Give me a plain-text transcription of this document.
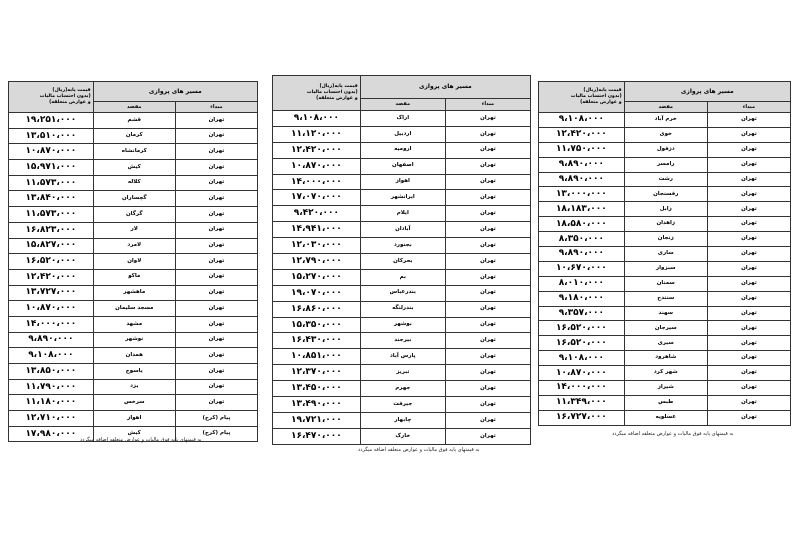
مسیر های پروازی		قیمت پایه(ریال)
(بدون احتساب مالیات
و عوارض متعلقه)

مبداء	مقصد	
تهران	قشم	۱۹،۲۵۱،۰۰۰
تهران	کرمان	۱۳،۵۱۰،۰۰۰
تهران	کرمانشاه	۱۰،۸۷۰،۰۰۰
تهران	کیش	۱۵،۹۷۱،۰۰۰
تهران	کلاله	۱۱،۵۷۳،۰۰۰
تهران	گچساران	۱۳،۸۴۰،۰۰۰
تهران	گرگان	۱۱،۵۷۳،۰۰۰
تهران	لار	۱۶،۸۲۳،۰۰۰
تهران	لامرد	۱۵،۸۲۷،۰۰۰
تهران	لاوان	۱۶،۵۲۰،۰۰۰
تهران	ماکو	۱۲،۴۲۰،۰۰۰
تهران	ماهشهر	۱۳،۷۲۷،۰۰۰
تهران	مسجد سلیمان	۱۰،۸۷۰،۰۰۰
تهران	مشهد	۱۴،۰۰۰،۰۰۰
تهران	نوشهر	۹،۸۹۰،۰۰۰
تهران	همدان	۹،۱۰۸،۰۰۰
تهران	یاسوج	۱۳،۸۵۰،۰۰۰
تهران	یزد	۱۱،۷۹۰،۰۰۰
تهران	سرخس	۱۱،۱۸۰،۰۰۰
پیام (کرج)	اهواز	۱۲،۷۱۰،۰۰۰
پیام (کرج)	کیش	۱۷،۹۸۰،۰۰۰
به قیمتهای پایه فوق مالیات و عوارض متعلقه اضافه میگردد
مسیر های پروازی		قیمت پایه(ریال)
(بدون احتساب مالیات
و عوارض متعلقه)

مبداء	مقصد	
تهران	اراک	۹،۱۰۸،۰۰۰
تهران	اردبیل	۱۱،۱۲۰،۰۰۰
تهران	ارومیه	۱۲،۴۲۰،۰۰۰
تهران	اصفهان	۱۰،۸۷۰،۰۰۰
تهران	اهواز	۱۴،۰۰۰،۰۰۰
تهران	ایرانشهر	۱۷،۰۷۰،۰۰۰
تهران	ایلام	۹،۴۲۰،۰۰۰
تهران	آبادان	۱۴،۹۴۱،۰۰۰
تهران	بجنورد	۱۲،۰۳۰،۰۰۰
تهران	بحرکان	۱۲،۷۹۰،۰۰۰
تهران	بم	۱۵،۲۷۰،۰۰۰
تهران	بندرعباس	۱۹،۰۷۰،۰۰۰
تهران	بندرلنگه	۱۶،۸۶۰،۰۰۰
تهران	بوشهر	۱۵،۳۵۰،۰۰۰
تهران	بیرجند	۱۶،۴۳۰،۰۰۰
تهران	پارس آباد	۱۰،۸۵۱،۰۰۰
تهران	تبریز	۱۲،۳۷۰،۰۰۰
تهران	جهرم	۱۳،۴۵۰،۰۰۰
تهران	جیرفت	۱۳،۴۹۰،۰۰۰
تهران	چابهار	۱۹،۷۲۱،۰۰۰
تهران	خارک	۱۶،۴۷۰،۰۰۰
به قیمتهای پایه فوق مالیات و عوارض متعلقه اضافه میگردد
مسیر های پروازی		قیمت پایه(ریال)
(بدون احتساب مالیات
و عوارض متعلقه)

مبداء	مقصد	
تهران	خرم آباد	۹،۱۰۸،۰۰۰
تهران	خوی	۱۲،۴۲۰،۰۰۰
تهران	دزفول	۱۱،۷۵۰،۰۰۰
تهران	رامسر	۹،۸۹۰،۰۰۰
تهران	رشت	۹،۸۹۰،۰۰۰
تهران	رفسنجان	۱۳،۰۰۰،۰۰۰
تهران	زابل	۱۸،۱۸۳،۰۰۰
تهران	زاهدان	۱۸،۵۸۰،۰۰۰
تهران	زنجان	۸،۳۵۰،۰۰۰
تهران	ساری	۹،۸۹۰،۰۰۰
تهران	سبزوار	۱۰،۶۷۰،۰۰۰
تهران	سمنان	۸،۰۱۰،۰۰۰
تهران	سنندج	۹،۱۸۰،۰۰۰
تهران	سهند	۹،۳۵۷،۰۰۰
تهران	سیرجان	۱۶،۵۲۰،۰۰۰
تهران	سیری	۱۶،۵۲۰،۰۰۰
تهران	شاهرود	۹،۱۰۸،۰۰۰
تهران	شهر کرد	۱۰،۸۷۰،۰۰۰
تهران	شیراز	۱۴،۰۰۰،۰۰۰
تهران	طبس	۱۱،۳۴۹،۰۰۰
تهران	عسلویه	۱۶،۷۲۷،۰۰۰
به قیمتهای پایه فوق مالیات و عوارض متعلقه اضافه میگردد
